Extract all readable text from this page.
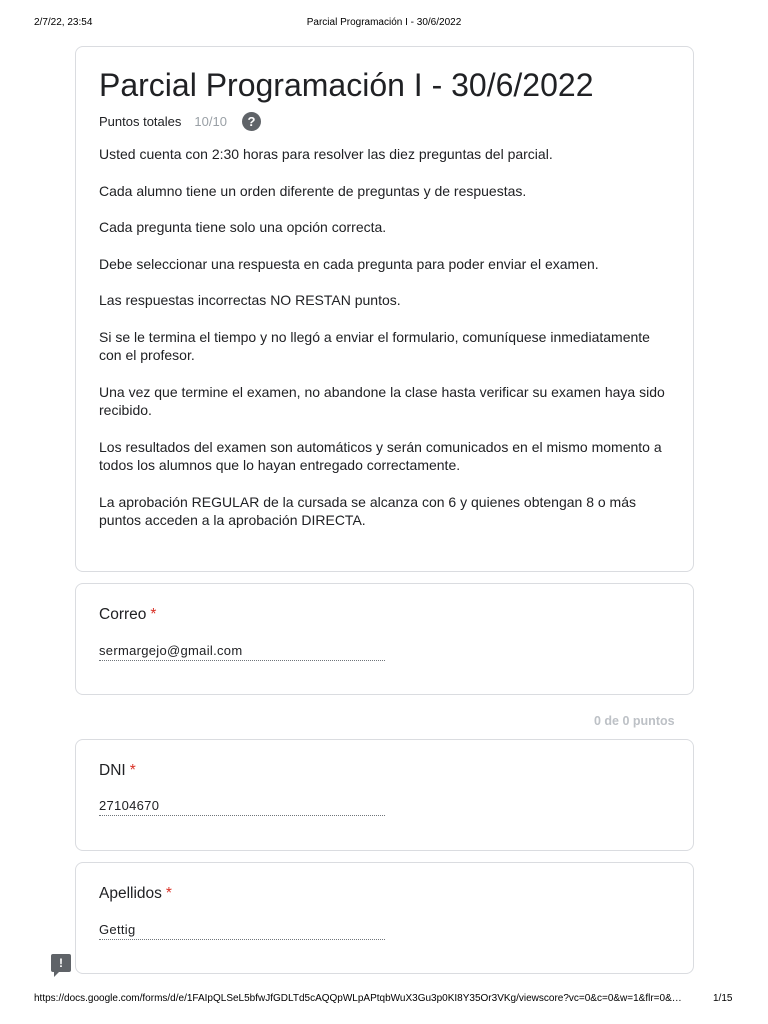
2/7/22, 23:54	Parcial Programación I - 30/6/2022
Parcial Programación I - 30/6/2022
Puntos totales 10/10	?

Usted cuenta con 2:30 horas para resolver las diez preguntas del parcial.

Cada alumno tiene un orden diferente de preguntas y de respuestas.

Cada pregunta tiene solo una opción correcta.

Debe seleccionar una respuesta en cada pregunta para poder enviar el examen.

Las respuestas incorrectas NO RESTAN puntos.

Si se le termina el tiempo y no llegó a enviar el formulario, comuníquese inmediatamente con el profesor.

Una vez que termine el examen, no abandone la clase hasta verificar su examen haya sido recibido.

Los resultados del examen son automáticos y serán comunicados en el mismo momento a todos los alumnos que lo hayan entregado correctamente.

La aprobación REGULAR de la cursada se alcanza con 6 y quienes obtengan 8 o más puntos acceden a la aprobación DIRECTA.

Correo *
sermargejo@gmail.com
0 de 0 puntos
DNI *
27104670
Apellidos *
Gettig
!
https://docs.google.com/forms/d/e/1FAIpQLSeL5bfwJfGDLTd5cAQQpWLpAPtqbWuX3Gu3p0KI8Y35Or3VKg/viewscore?vc=0&c=0&w=1&flr=0&…	1/15
